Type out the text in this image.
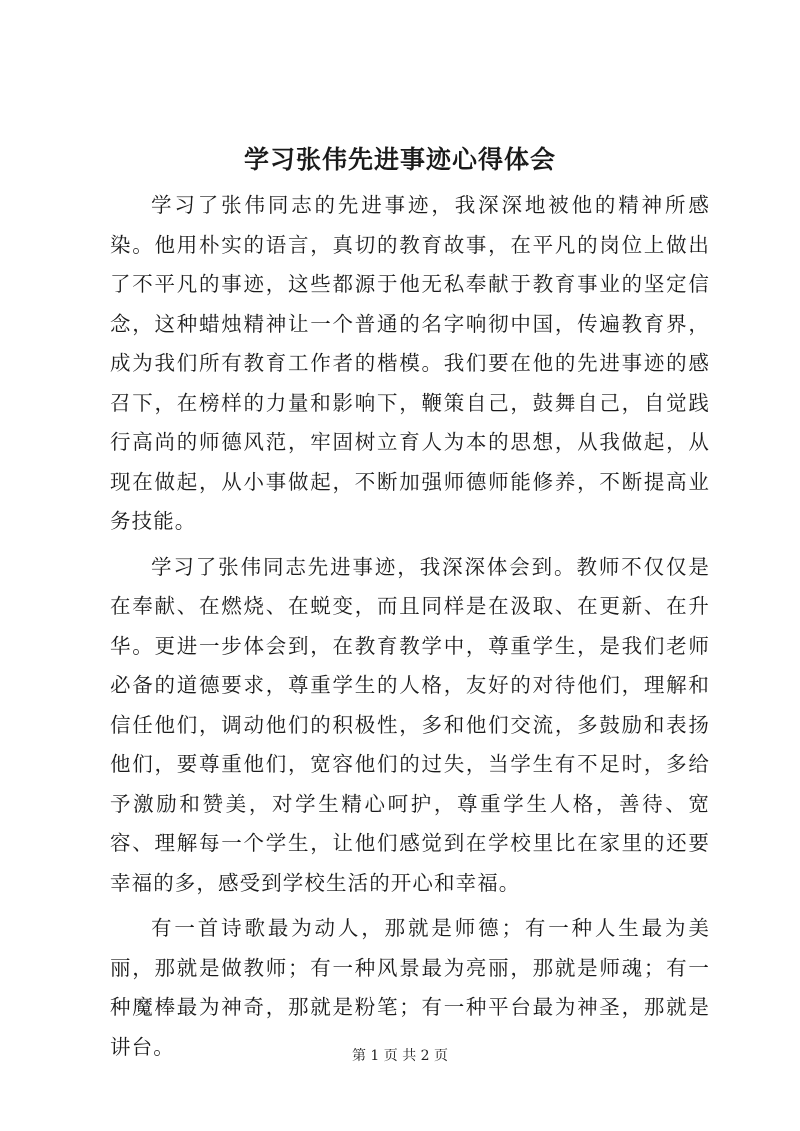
学习张伟先进事迹心得体会

学习了张伟同志的先进事迹，我深深地被他的精神所感染。他用朴实的语言，真切的教育故事，在平凡的岗位上做出了不平凡的事迹，这些都源于他无私奉献于教育事业的坚定信念，这种蜡烛精神让一个普通的名字响彻中国，传遍教育界，成为我们所有教育工作者的楷模。我们要在他的先进事迹的感召下，在榜样的力量和影响下，鞭策自己，鼓舞自己，自觉践行高尚的师德风范，牢固树立育人为本的思想，从我做起，从现在做起，从小事做起，不断加强师德师能修养，不断提高业务技能。

学习了张伟同志先进事迹，我深深体会到。教师不仅仅是在奉献、在燃烧、在蜕变，而且同样是在汲取、在更新、在升华。更进一步体会到，在教育教学中，尊重学生，是我们老师必备的道德要求，尊重学生的人格，友好的对待他们，理解和信任他们，调动他们的积极性，多和他们交流，多鼓励和表扬他们，要尊重他们，宽容他们的过失，当学生有不足时，多给予激励和赞美，对学生精心呵护，尊重学生人格，善待、宽容、理解每一个学生，让他们感觉到在学校里比在家里的还要幸福的多，感受到学校生活的开心和幸福。

有一首诗歌最为动人，那就是师德；有一种人生最为美丽，那就是做教师；有一种风景最为亮丽，那就是师魂；有一种魔棒最为神奇，那就是粉笔；有一种平台最为神圣，那就是讲台。	第 1 页 共 2 页
